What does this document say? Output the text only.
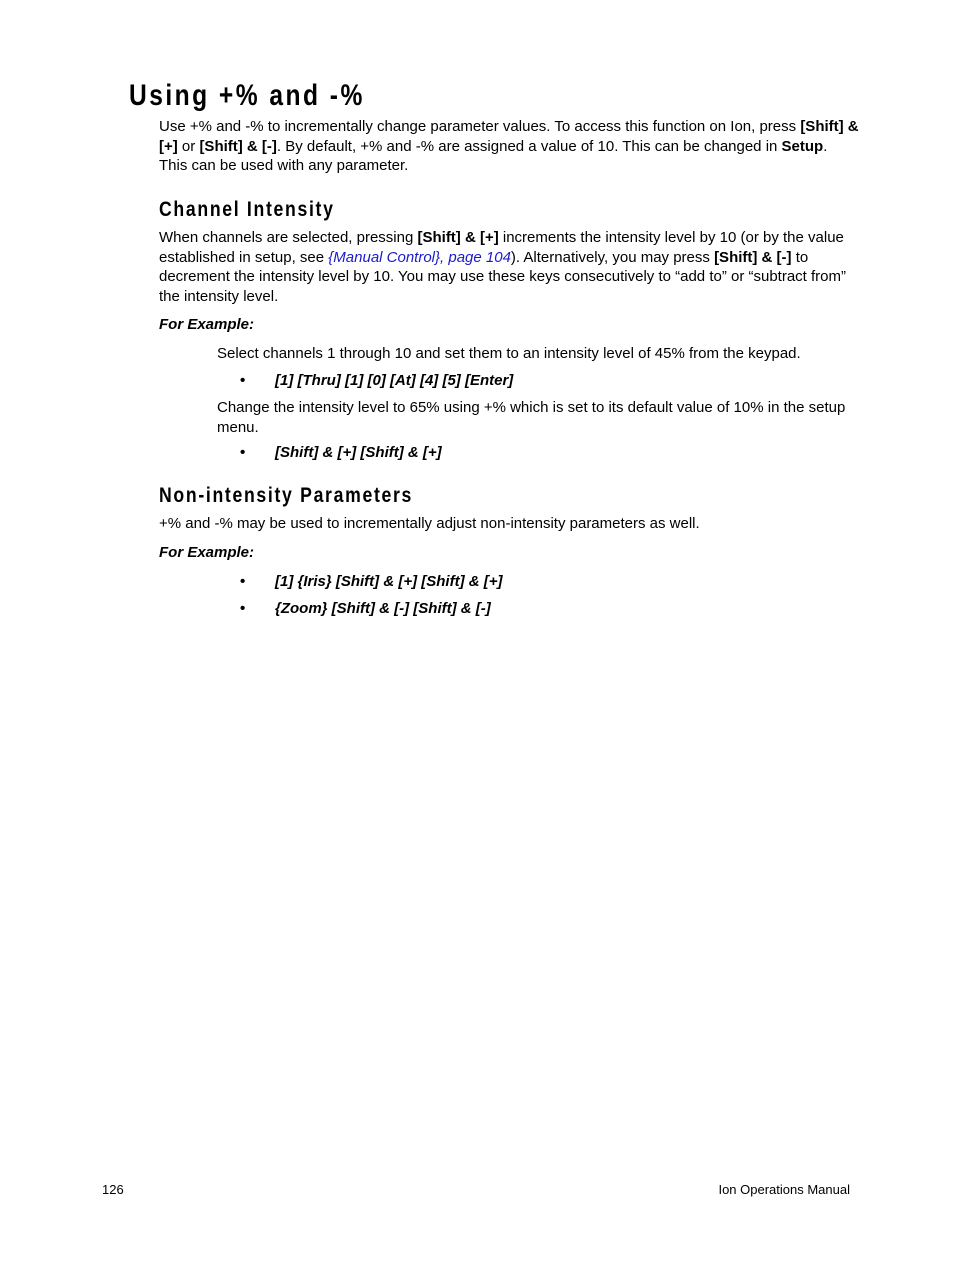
Using +% and -%
Use +% and -% to incrementally change parameter values. To access this function on Ion, press [Shift] & [+] or [Shift] & [-]. By default, +% and -% are assigned a value of 10. This can be changed in Setup. This can be used with any parameter.
Channel Intensity
When channels are selected, pressing [Shift] & [+] increments the intensity level by 10 (or by the value established in setup, see {Manual Control}, page 104). Alternatively, you may press [Shift] & [-] to decrement the intensity level by 10. You may use these keys consecutively to “add to” or “subtract from” the intensity level.
For Example:
Select channels 1 through 10 and set them to an intensity level of 45% from the keypad.
• [1] [Thru] [1] [0] [At] [4] [5] [Enter]
Change the intensity level to 65% using +% which is set to its default value of 10% in the setup menu.
• [Shift] & [+] [Shift] & [+]
Non-intensity Parameters
+% and -% may be used to incrementally adjust non-intensity parameters as well.
For Example:
• [1] {Iris} [Shift] & [+] [Shift] & [+]
• {Zoom} [Shift] & [-] [Shift] & [-]
126	Ion Operations Manual
